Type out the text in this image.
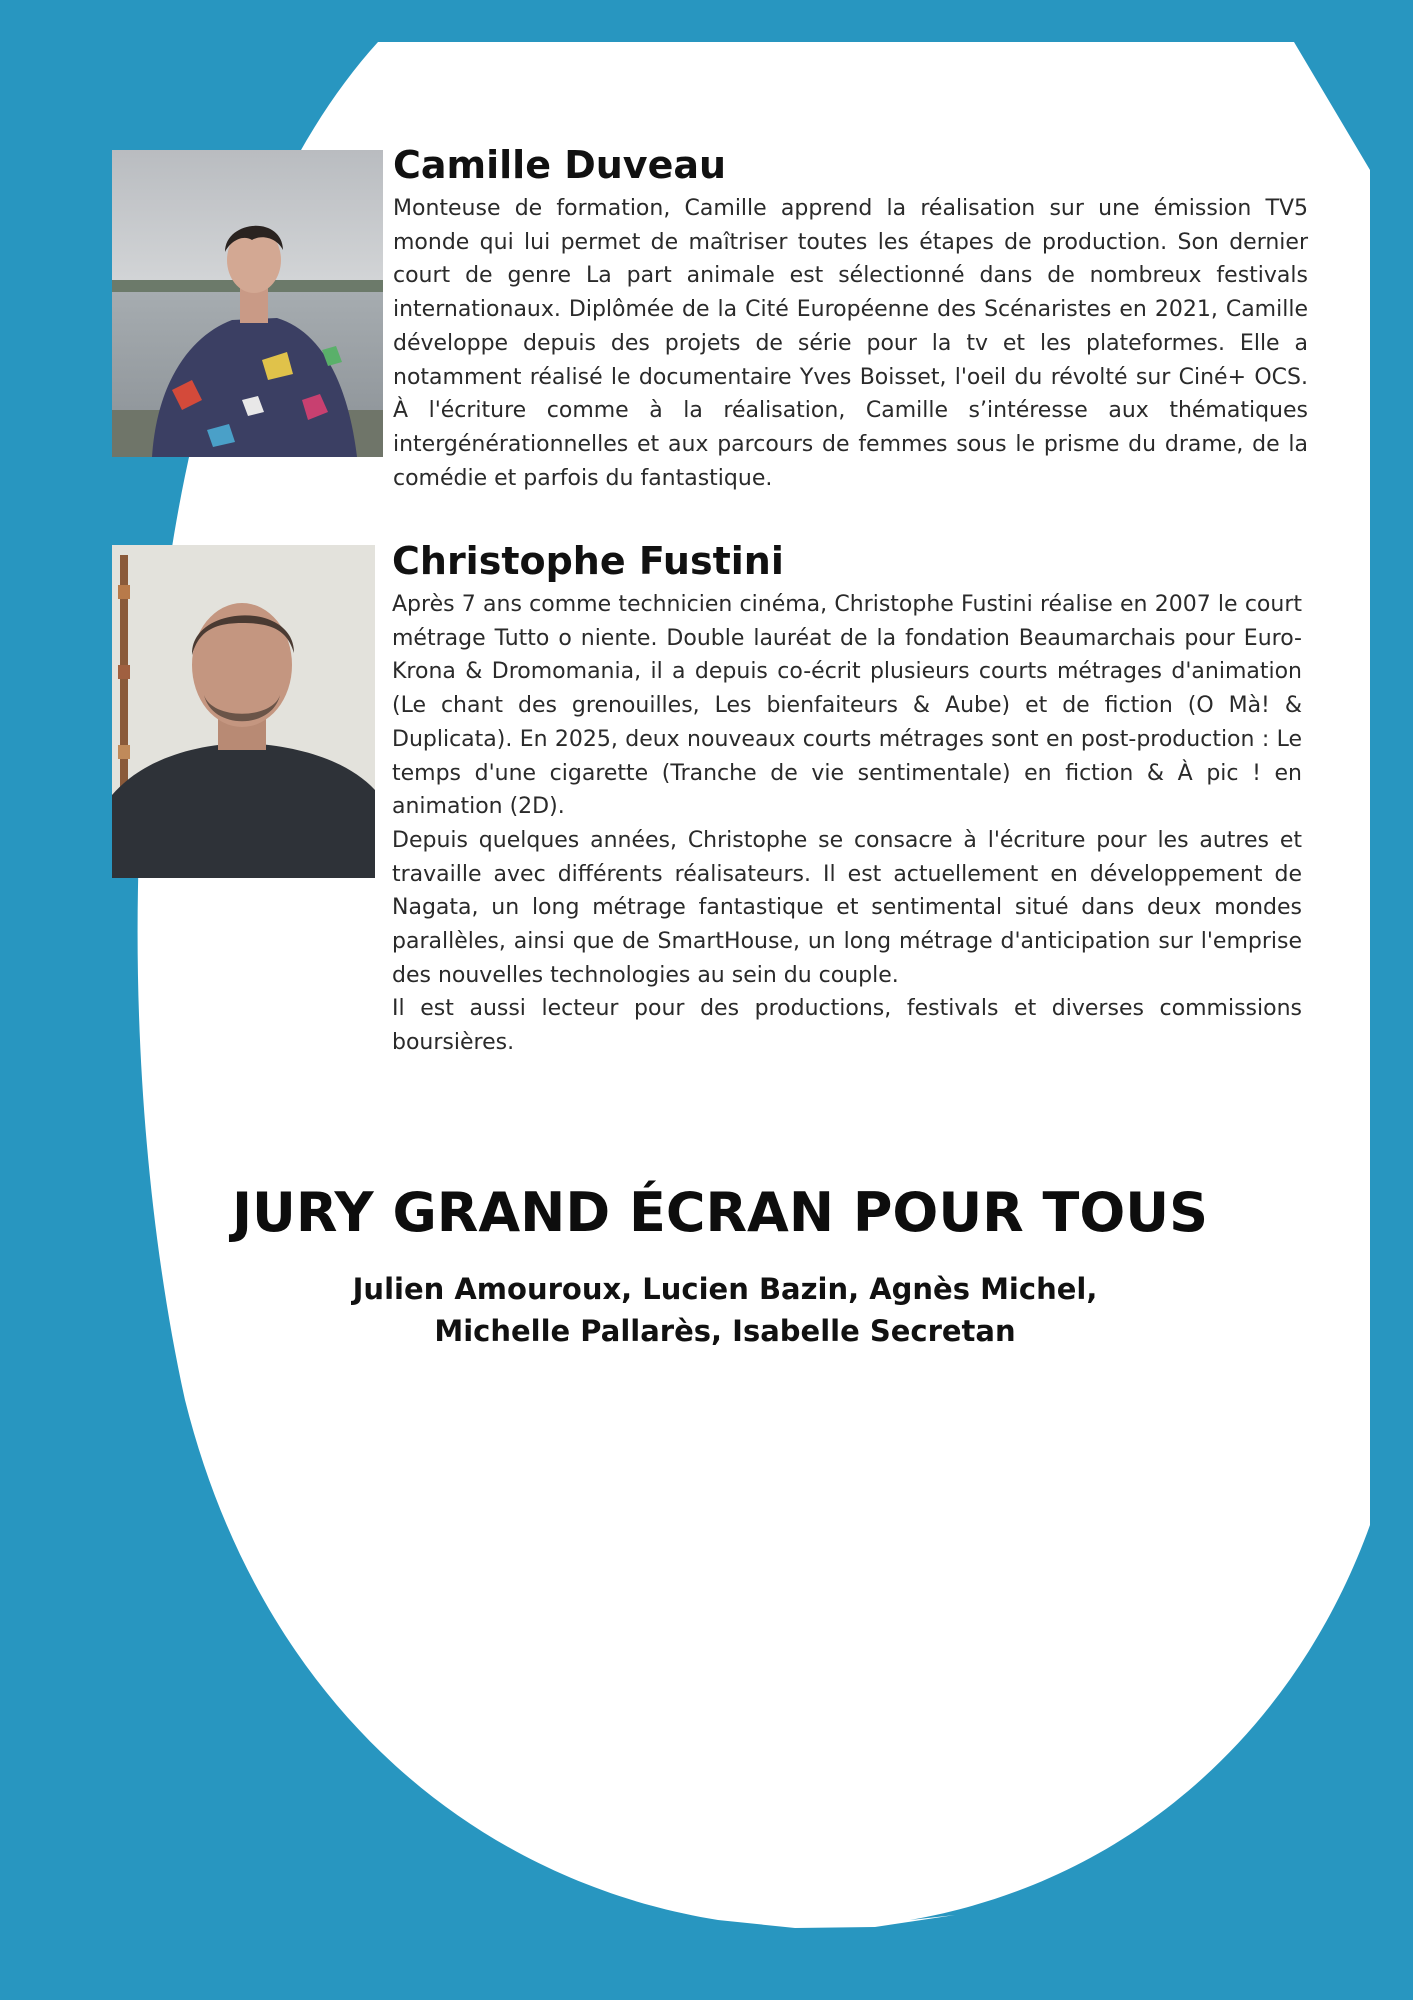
Camille Duveau

Monteuse de formation, Camille apprend la réalisation sur une émission TV5 monde qui lui permet de maîtriser toutes les étapes de production. Son dernier court de genre La part animale est sélectionné dans de nombreux festivals internationaux. Diplômée de la Cité Européenne des Scénaristes en 2021, Camille développe depuis des projets de série pour la tv et les plateformes. Elle a notamment réalisé le documentaire Yves Boisset, l'oeil du révolté sur Ciné+ OCS. À l'écriture comme à la réalisation, Camille s’intéresse aux thématiques intergénérationnelles et aux parcours de femmes sous le prisme du drame, de la comédie et parfois du fantastique.

Christophe Fustini

Après 7 ans comme technicien cinéma, Christophe Fustini réalise en 2007 le court métrage Tutto o niente. Double lauréat de la fondation Beaumarchais pour Euro-Krona & Dromomania, il a depuis co-écrit plusieurs courts métrages d'animation (Le chant des grenouilles, Les bienfaiteurs & Aube) et de fiction (O Mà! & Duplicata). En 2025, deux nouveaux courts métrages sont en post-production : Le temps d'une cigarette (Tranche de vie sentimentale) en fiction & À pic ! en animation (2D).

Depuis quelques années, Christophe se consacre à l'écriture pour les autres et travaille avec différents réalisateurs. Il est actuellement en développement de Nagata, un long métrage fantastique et sentimental situé dans deux mondes parallèles, ainsi que de SmartHouse, un long métrage d'anticipation sur l'emprise des nouvelles technologies au sein du couple.

Il est aussi lecteur pour des productions, festivals et diverses commissions boursières.

JURY GRAND ÉCRAN POUR TOUS
Julien Amouroux, Lucien Bazin, Agnès Michel,
Michelle Pallarès, Isabelle Secretan
